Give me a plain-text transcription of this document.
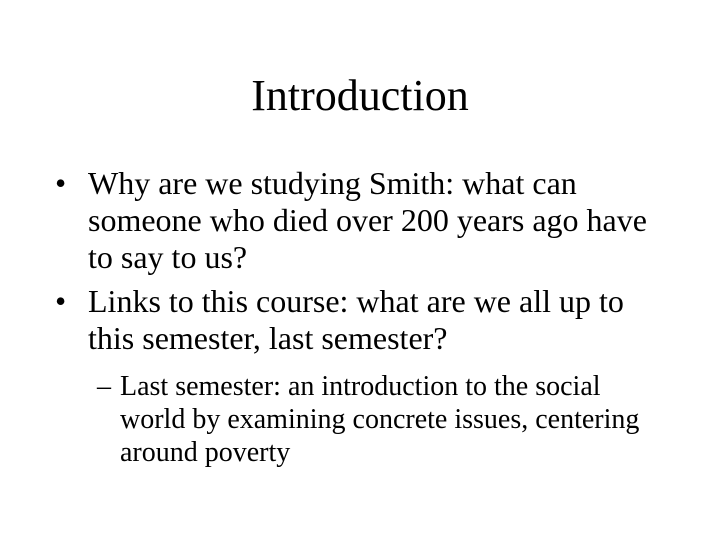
Introduction
• Why are we studying Smith: what can
someone who died over 200 years ago have
to say to us?
• Links to this course: what are we all up to
this semester, last semester?
– Last semester: an introduction to the social
world by examining concrete issues, centering
around poverty
